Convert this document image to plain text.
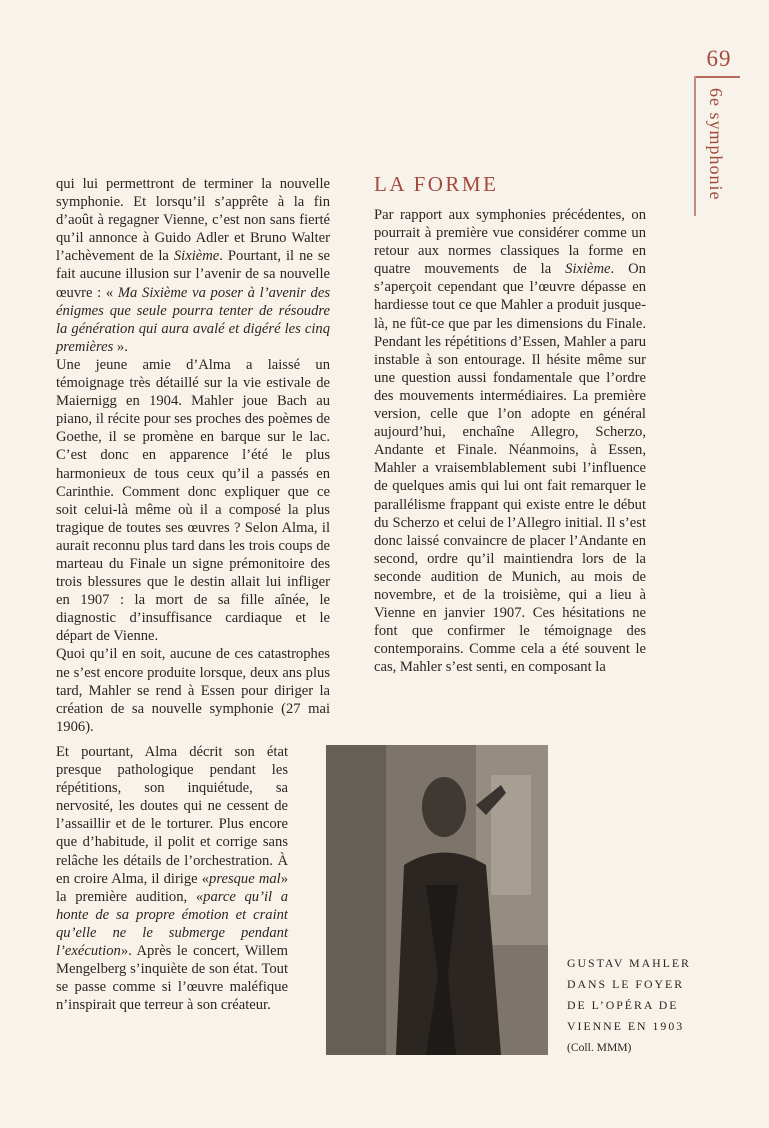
69
6e symphonie

qui lui permettront de terminer la nouvelle symphonie. Et lorsqu’il s’apprête à la fin d’août à regagner Vienne, c’est non sans fierté qu’il annonce à Guido Adler et Bruno Walter l’achèvement de la Sixième. Pourtant, il ne se fait aucune illusion sur l’avenir de sa nouvelle œuvre : « Ma Sixième va poser à l’avenir des énigmes que seule pourra tenter de résoudre la génération qui aura avalé et digéré les cinq premières ».

Une jeune amie d’Alma a laissé un témoignage très détaillé sur la vie estivale de Maiernigg en 1904. Mahler joue Bach au piano, il récite pour ses proches des poèmes de Goethe, il se promène en barque sur le lac. C’est donc en apparence l’été le plus harmonieux de tous ceux qu’il a passés en Carinthie. Comment donc expliquer que ce soit celui-là même où il a composé la plus tragique de toutes ses œuvres ? Selon Alma, il aurait reconnu plus tard dans les trois coups de marteau du Finale un signe prémonitoire des trois blessures que le destin allait lui infliger en 1907 : la mort de sa fille aînée, le diagnostic d’insuffisance cardiaque et le départ de Vienne.

Quoi qu’il en soit, aucune de ces catastrophes ne s’est encore produite lorsque, deux ans plus tard, Mahler se rend à Essen pour diriger la création de sa nouvelle symphonie (27 mai 1906).

Et pourtant, Alma décrit son état presque pathologique pendant les répétitions, son inquiétude, sa nervosité, les doutes qui ne cessent de l’assaillir et de le torturer. Plus encore que d’habitude, il polit et corrige sans relâche les détails de l’orchestration. À en croire Alma, il dirige «presque mal» la première audition, «parce qu’il a honte de sa propre émotion et craint qu’elle ne le submerge pendant l’exécution». Après le concert, Willem Mengelberg s’inquiète de son état. Tout se passe comme si l’œuvre maléfique n’inspirait que terreur à son créateur.

LA FORME

Par rapport aux symphonies précédentes, on pourrait à première vue considérer comme un retour aux normes classiques la forme en quatre mouvements de la Sixième. On s’aperçoit cependant que l’œuvre dépasse en hardiesse tout ce que Mahler a produit jusque-là, ne fût-ce que par les dimensions du Finale. Pendant les répétitions d’Essen, Mahler a paru instable à son entourage. Il hésite même sur une question aussi fondamentale que l’ordre des mouvements intermédiaires. La première version, celle que l’on adopte en général aujourd’hui, enchaîne Allegro, Scherzo, Andante et Finale. Néanmoins, à Essen, Mahler a vraisemblablement subi l’influence de quelques amis qui lui ont fait remarquer le parallélisme frappant qui existe entre le début du Scherzo et celui de l’Allegro initial. Il s’est donc laissé convaincre de placer l’Andante en second, ordre qu’il maintiendra lors de la seconde audition de Munich, au mois de novembre, et de la troisième, qui a lieu à Vienne en janvier 1907. Ces hésitations ne font que confirmer le témoignage des contemporains. Comme cela a été souvent le cas, Mahler s’est senti, en composant la

GUSTAV MAHLER
DANS LE FOYER
DE L’OPÉRA DE
VIENNE EN 1903
(Coll. MMM)
